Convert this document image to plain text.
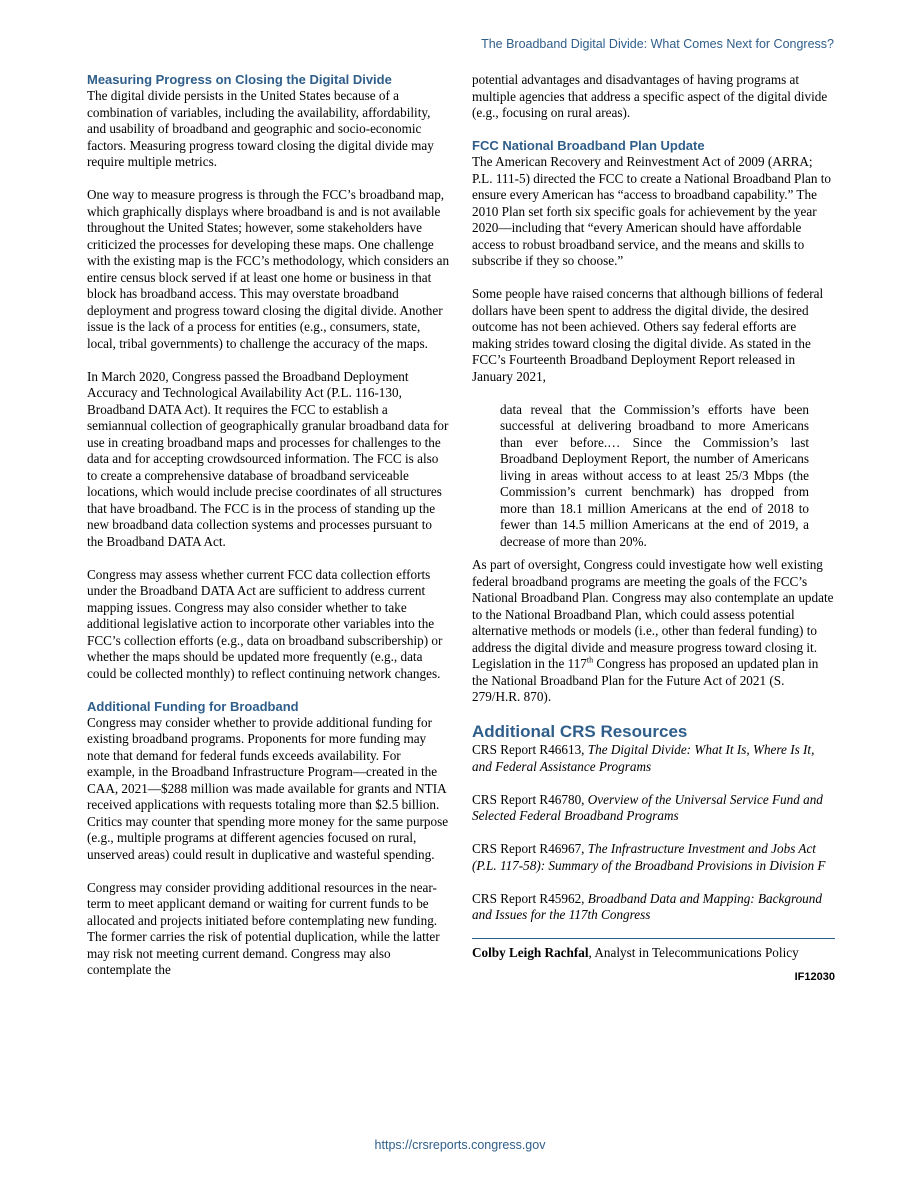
The Broadband Digital Divide: What Comes Next for Congress?
Measuring Progress on Closing the Digital Divide

The digital divide persists in the United States because of a combination of variables, including the availability, affordability, and usability of broadband and geographic and socio-economic factors. Measuring progress toward closing the digital divide may require multiple metrics.

One way to measure progress is through the FCC’s broadband map, which graphically displays where broadband is and is not available throughout the United States; however, some stakeholders have criticized the processes for developing these maps. One challenge with the existing map is the FCC’s methodology, which considers an entire census block served if at least one home or business in that block has broadband access. This may overstate broadband deployment and progress toward closing the digital divide. Another issue is the lack of a process for entities (e.g., consumers, state, local, tribal governments) to challenge the accuracy of the maps.

In March 2020, Congress passed the Broadband Deployment Accuracy and Technological Availability Act (P.L. 116-130, Broadband DATA Act). It requires the FCC to establish a semiannual collection of geographically granular broadband data for use in creating broadband maps and processes for challenges to the data and for accepting crowdsourced information. The FCC is also to create a comprehensive database of broadband serviceable locations, which would include precise coordinates of all structures that have broadband. The FCC is in the process of standing up the new broadband data collection systems and processes pursuant to the Broadband DATA Act.

Congress may assess whether current FCC data collection efforts under the Broadband DATA Act are sufficient to address current mapping issues. Congress may also consider whether to take additional legislative action to incorporate other variables into the FCC’s collection efforts (e.g., data on broadband subscribership) or whether the maps should be updated more frequently (e.g., data could be collected monthly) to reflect continuing network changes.

Additional Funding for Broadband

Congress may consider whether to provide additional funding for existing broadband programs. Proponents for more funding may note that demand for federal funds exceeds availability. For example, in the Broadband Infrastructure Program—created in the CAA, 2021—$288 million was made available for grants and NTIA received applications with requests totaling more than $2.5 billion. Critics may counter that spending more money for the same purpose (e.g., multiple programs at different agencies focused on rural, unserved areas) could result in duplicative and wasteful spending.

Congress may consider providing additional resources in the near-term to meet applicant demand or waiting for current funds to be allocated and projects initiated before contemplating new funding. The former carries the risk of potential duplication, while the latter may risk not meeting current demand. Congress may also contemplate the

potential advantages and disadvantages of having programs at multiple agencies that address a specific aspect of the digital divide (e.g., focusing on rural areas).

FCC National Broadband Plan Update

The American Recovery and Reinvestment Act of 2009 (ARRA; P.L. 111-5) directed the FCC to create a National Broadband Plan to ensure every American has “access to broadband capability.” The 2010 Plan set forth six specific goals for achievement by the year 2020—including that “every American should have affordable access to robust broadband service, and the means and skills to subscribe if they so choose.”

Some people have raised concerns that although billions of federal dollars have been spent to address the digital divide, the desired outcome has not been achieved. Others say federal efforts are making strides toward closing the digital divide. As stated in the FCC’s Fourteenth Broadband Deployment Report released in January 2021,

data reveal that the Commission’s efforts have been successful at delivering broadband to more Americans than ever before.… Since the Commission’s last Broadband Deployment Report, the number of Americans living in areas without access to at least 25/3 Mbps (the Commission’s current benchmark) has dropped from more than 18.1 million Americans at the end of 2018 to fewer than 14.5 million Americans at the end of 2019, a decrease of more than 20%.

As part of oversight, Congress could investigate how well existing federal broadband programs are meeting the goals of the FCC’s National Broadband Plan. Congress may also contemplate an update to the National Broadband Plan, which could assess potential alternative methods or models (i.e., other than federal funding) to address the digital divide and measure progress toward closing it. Legislation in the 117th Congress has proposed an updated plan in the National Broadband Plan for the Future Act of 2021 (S. 279/H.R. 870).

Additional CRS Resources

CRS Report R46613, The Digital Divide: What It Is, Where Is It, and Federal Assistance Programs

CRS Report R46780, Overview of the Universal Service Fund and Selected Federal Broadband Programs

CRS Report R46967, The Infrastructure Investment and Jobs Act (P.L. 117-58): Summary of the Broadband Provisions in Division F

CRS Report R45962, Broadband Data and Mapping: Background and Issues for the 117th Congress

Colby Leigh Rachfal, Analyst in Telecommunications Policy

IF12030
https://crsreports.congress.gov
